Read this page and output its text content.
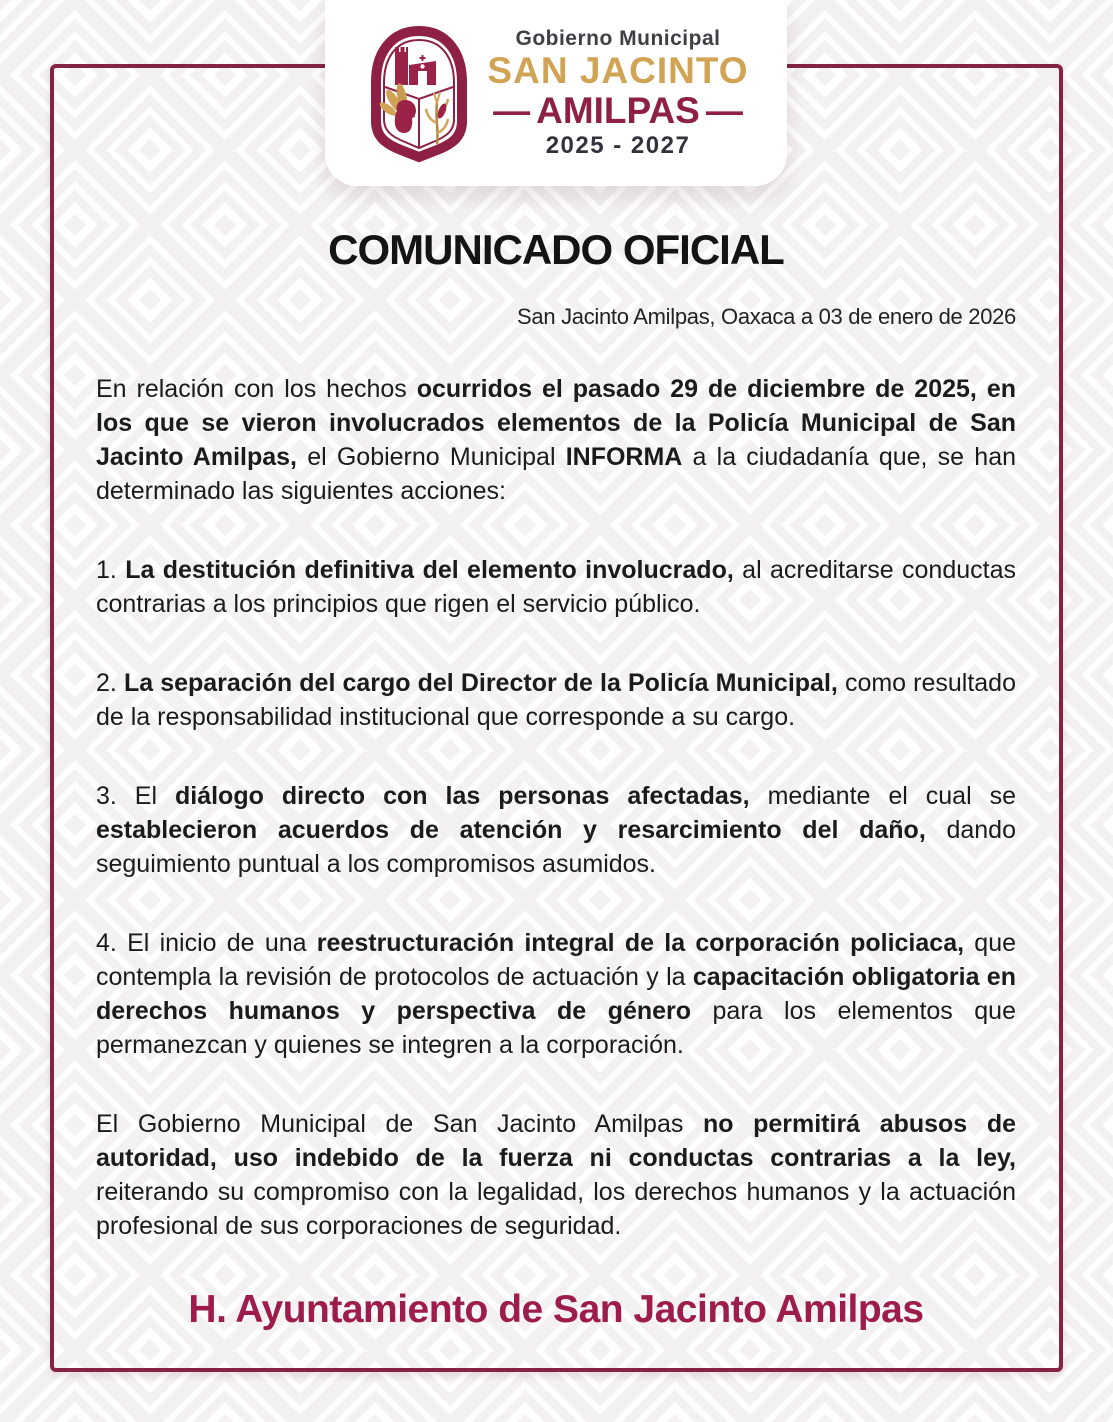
Gobierno Municipal
SAN JACINTO
— AMILPAS —
2025 - 2027
COMUNICADO OFICIAL
San Jacinto Amilpas, Oaxaca a 03 de enero de 2026

En relación con los hechos ocurridos el pasado 29 de diciembre de 2025, en los que se vieron involucrados elementos de la Policía Municipal de San Jacinto Amilpas, el Gobierno Municipal INFORMA a la ciudadanía que, se han determinado las siguientes acciones:

1. La destitución definitiva del elemento involucrado, al acreditarse conductas contrarias a los principios que rigen el servicio público.

2. La separación del cargo del Director de la Policía Municipal, como resultado de la responsabilidad institucional que corresponde a su cargo.

3. El diálogo directo con las personas afectadas, mediante el cual se establecieron acuerdos de atención y resarcimiento del daño, dando seguimiento puntual a los compromisos asumidos.

4. El inicio de una reestructuración integral de la corporación policiaca, que contempla la revisión de protocolos de actuación y la capacitación obligatoria en derechos humanos y perspectiva de género para los elementos que permanezcan y quienes se integren a la corporación.

El Gobierno Municipal de San Jacinto Amilpas no permitirá abusos de autoridad, uso indebido de la fuerza ni conductas contrarias a la ley, reiterando su compromiso con la legalidad, los derechos humanos y la actuación profesional de sus corporaciones de seguridad.

H. Ayuntamiento de San Jacinto Amilpas
